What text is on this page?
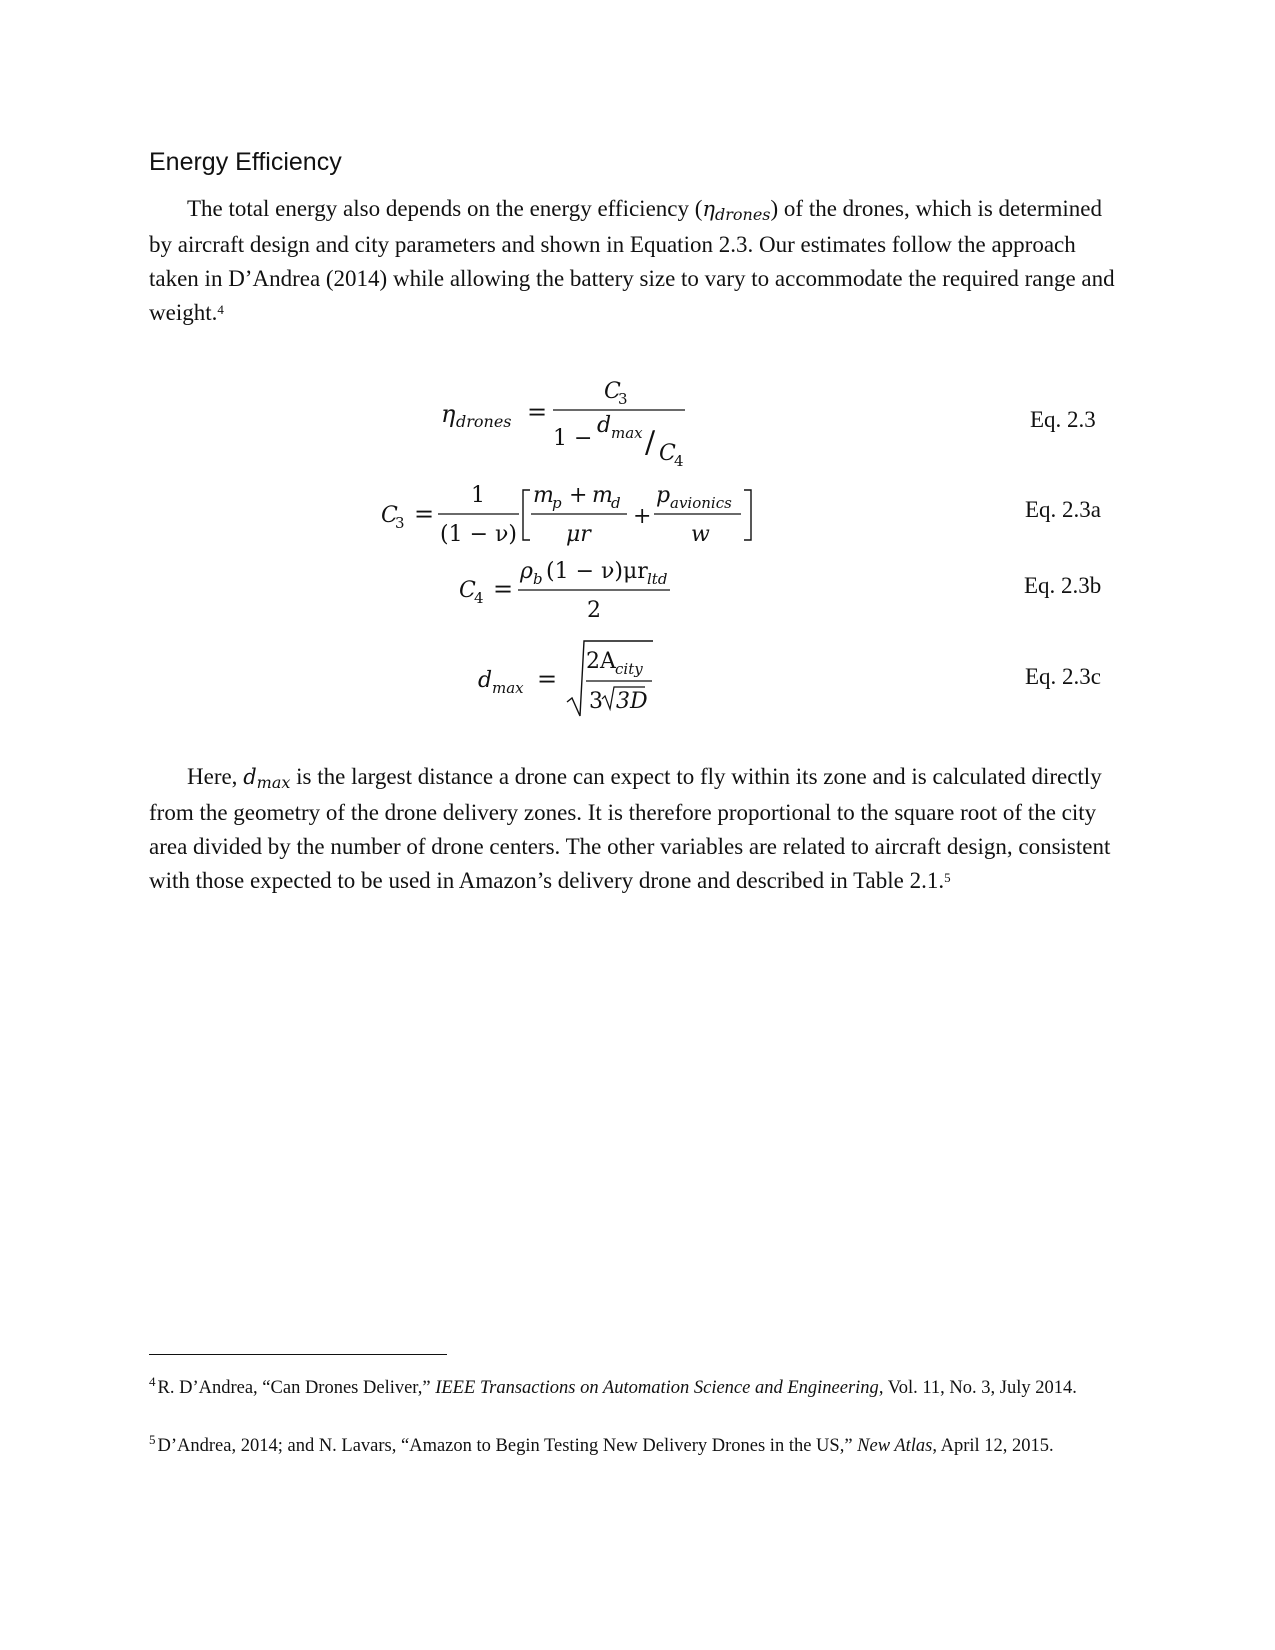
Energy Efficiency

The total energy also depends on the energy efficiency (ηdrones) of the drones, which is determined by aircraft design and city parameters and shown in Equation 2.3. Our estimates follow the approach taken in D’Andrea (2014) while allowing the battery size to vary to accommodate the required range and weight.$^4$

η drones =
C
3
1 −
d max / C
4
C
3 =
1
(1 − ν)
m
p + m
d
μr
+
p avionics
w
C
4 =
ρ b (1 − ν)μr ltd
2
d max =
2A city
3 3D
Eq. 2.3
Eq. 2.3a
Eq. 2.3b
Eq. 2.3c

Here, dmax is the largest distance a drone can expect to fly within its zone and is calculated directly from the geometry of the drone delivery zones. It is therefore proportional to the square root of the city area divided by the number of drone centers. The other variables are related to aircraft design, consistent with those expected to be used in Amazon’s delivery drone and described in Table 2.1.$^5$

$^4$ R. D’Andrea, “Can Drones Deliver,” IEEE Transactions on Automation Science and Engineering, Vol. 11, No. 3, July 2014.
$^5$ D’Andrea, 2014; and N. Lavars, “Amazon to Begin Testing New Delivery Drones in the US,” New Atlas, April 12, 2015.
